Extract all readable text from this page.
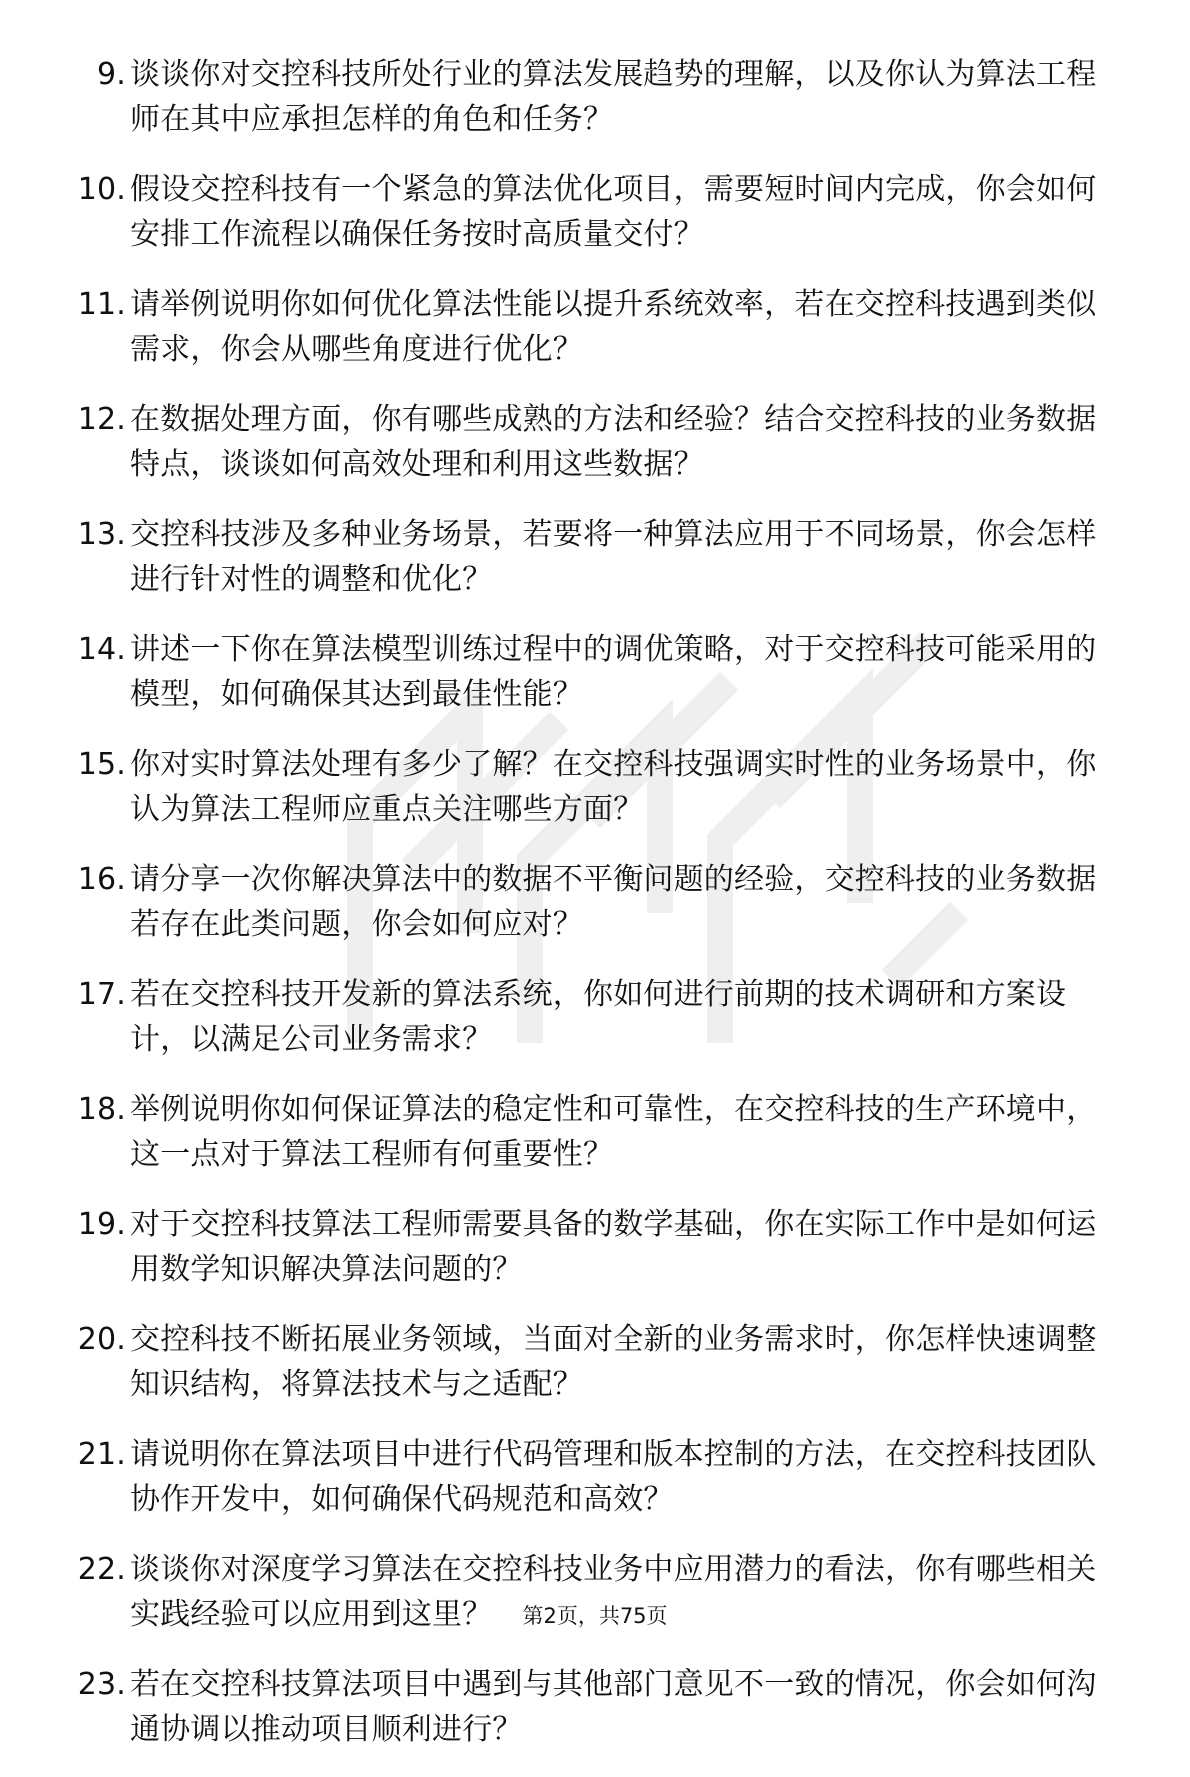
9. 谈谈你对交控科技所处行业的算法发展趋势的理解，以及你认为算法工程师在其中应承担怎样的角色和任务？
10. 假设交控科技有一个紧急的算法优化项目，需要短时间内完成，你会如何安排工作流程以确保任务按时高质量交付？
11. 请举例说明你如何优化算法性能以提升系统效率，若在交控科技遇到类似需求，你会从哪些角度进行优化？
12. 在数据处理方面，你有哪些成熟的方法和经验？结合交控科技的业务数据特点，谈谈如何高效处理和利用这些数据？
13. 交控科技涉及多种业务场景，若要将一种算法应用于不同场景，你会怎样进行针对性的调整和优化？
14. 讲述一下你在算法模型训练过程中的调优策略，对于交控科技可能采用的模型，如何确保其达到最佳性能？
15. 你对实时算法处理有多少了解？在交控科技强调实时性的业务场景中，你认为算法工程师应重点关注哪些方面？
16. 请分享一次你解决算法中的数据不平衡问题的经验，交控科技的业务数据若存在此类问题，你会如何应对？
17. 若在交控科技开发新的算法系统，你如何进行前期的技术调研和方案设计，以满足公司业务需求？
18. 举例说明你如何保证算法的稳定性和可靠性，在交控科技的生产环境中，这一点对于算法工程师有何重要性？
19. 对于交控科技算法工程师需要具备的数学基础，你在实际工作中是如何运用数学知识解决算法问题的？
20. 交控科技不断拓展业务领域，当面对全新的业务需求时，你怎样快速调整知识结构，将算法技术与之适配？
21. 请说明你在算法项目中进行代码管理和版本控制的方法，在交控科技团队协作开发中，如何确保代码规范和高效？
22. 谈谈你对深度学习算法在交控科技业务中应用潜力的看法，你有哪些相关实践经验可以应用到这里？
23. 若在交控科技算法项目中遇到与其他部门意见不一致的情况，你会如何沟通协调以推动项目顺利进行？
第2页，共75页
